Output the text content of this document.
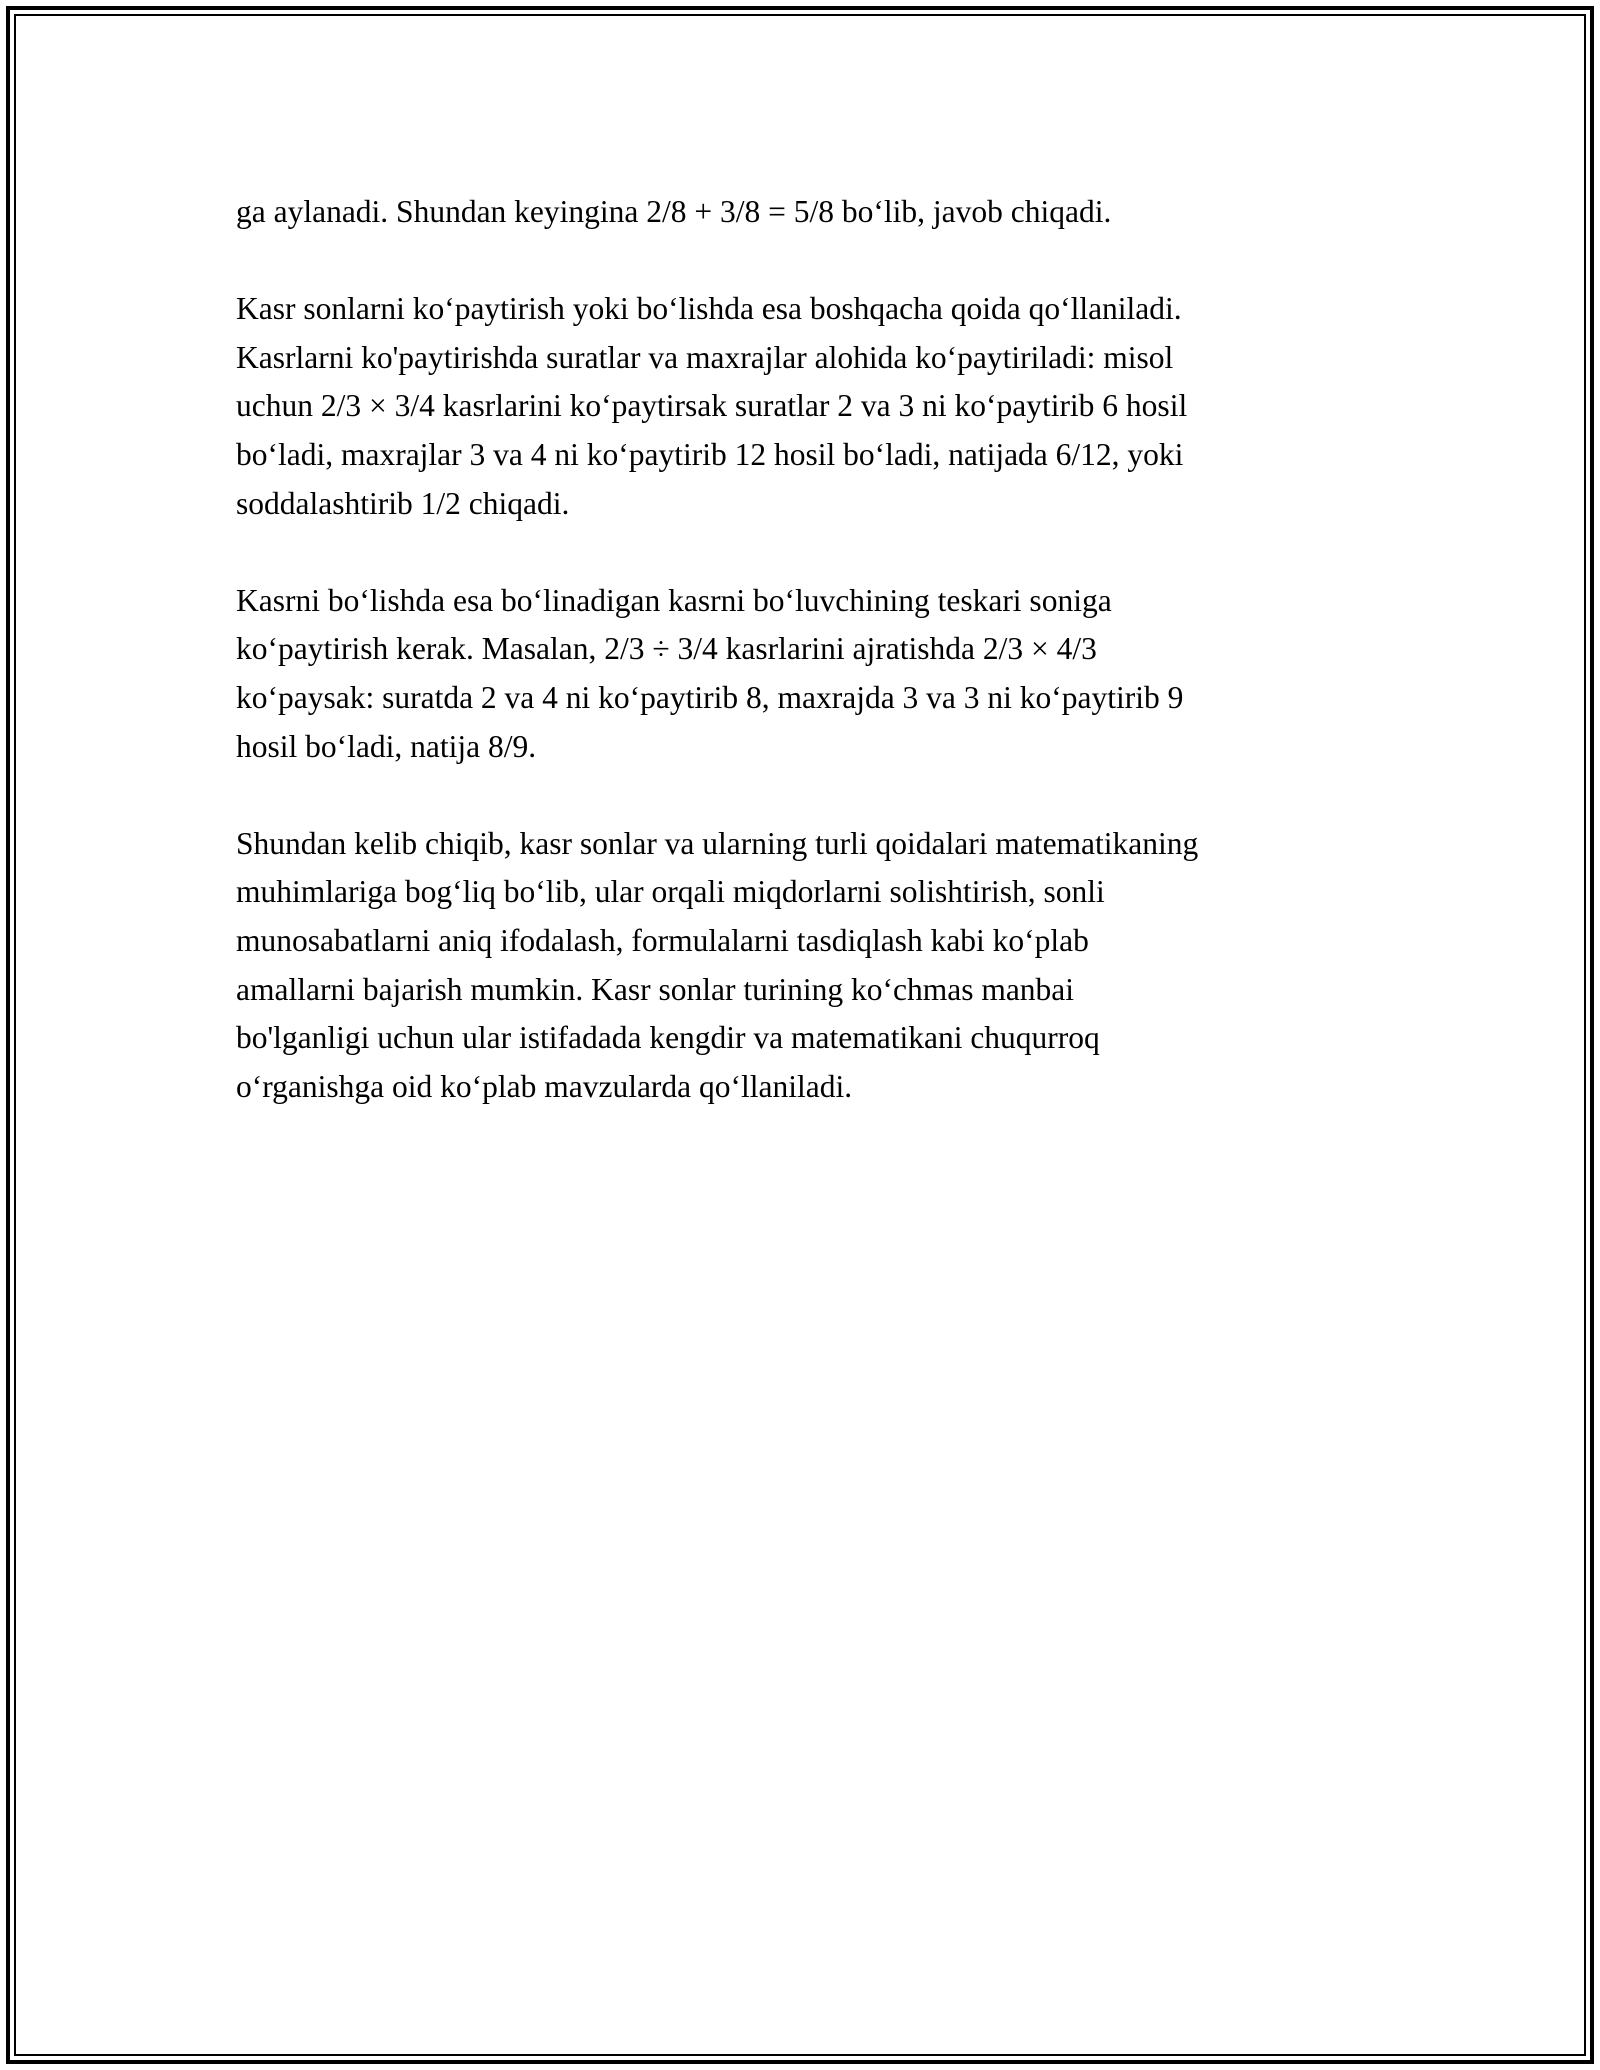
ga aylanadi. Shundan keyingina 2/8 + 3/8 = 5/8 bo‘lib, javob chiqadi.

Kasr sonlarni ko‘paytirish yoki bo‘lishda esa boshqacha qoida qo‘llaniladi.
Kasrlarni ko'paytirishda suratlar va maxrajlar alohida ko‘paytiriladi: misol
uchun 2/3 × 3/4 kasrlarini ko‘paytirsak suratlar 2 va 3 ni ko‘paytirib 6 hosil
bo‘ladi, maxrajlar 3 va 4 ni ko‘paytirib 12 hosil bo‘ladi, natijada 6/12, yoki
soddalashtirib 1/2 chiqadi.

Kasrni bo‘lishda esa bo‘linadigan kasrni bo‘luvchining teskari soniga
ko‘paytirish kerak. Masalan, 2/3 ÷ 3/4 kasrlarini ajratishda 2/3 × 4/3
ko‘paysak: suratda 2 va 4 ni ko‘paytirib 8, maxrajda 3 va 3 ni ko‘paytirib 9
hosil bo‘ladi, natija 8/9.

Shundan kelib chiqib, kasr sonlar va ularning turli qoidalari matematikaning
muhimlariga bog‘liq bo‘lib, ular orqali miqdorlarni solishtirish, sonli
munosabatlarni aniq ifodalash, formulalarni tasdiqlash kabi ko‘plab
amallarni bajarish mumkin. Kasr sonlar turining ko‘chmas manbai
bo'lganligi uchun ular istifadada kengdir va matematikani chuqurroq
o‘rganishga oid ko‘plab mavzularda qo‘llaniladi.
